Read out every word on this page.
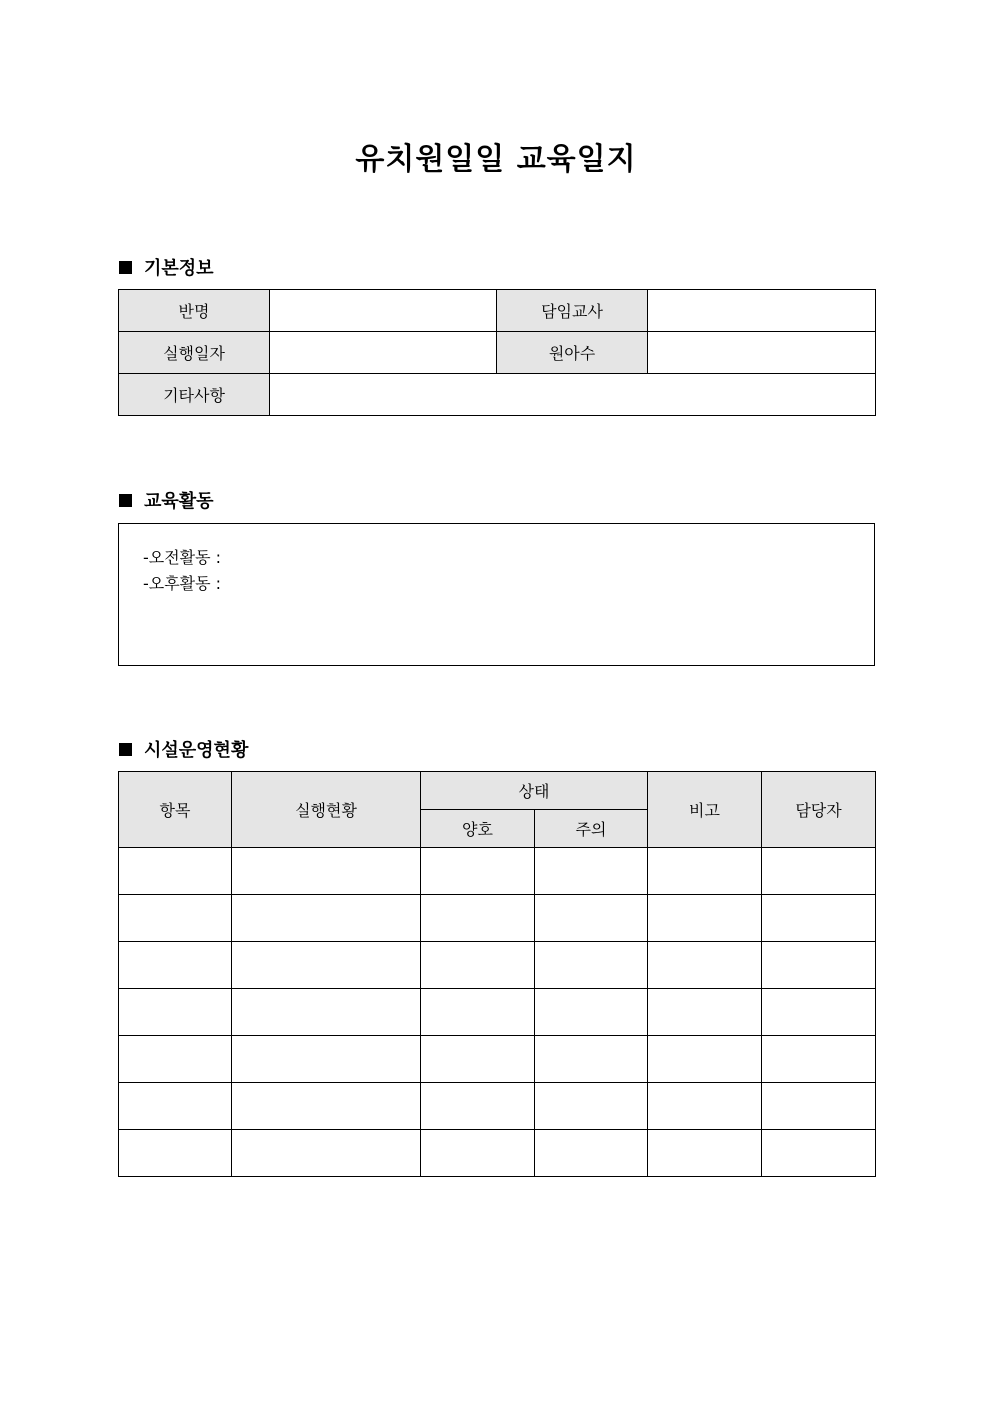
유치원일일 교육일지
기본정보
반명		담임교사	
실행일자		원아수	
기타사항			
교육활동
-오전활동 :
-오후활동 :
시설운영현황
항목	실행현황	상태		비고	담당자
		양호	주의		
